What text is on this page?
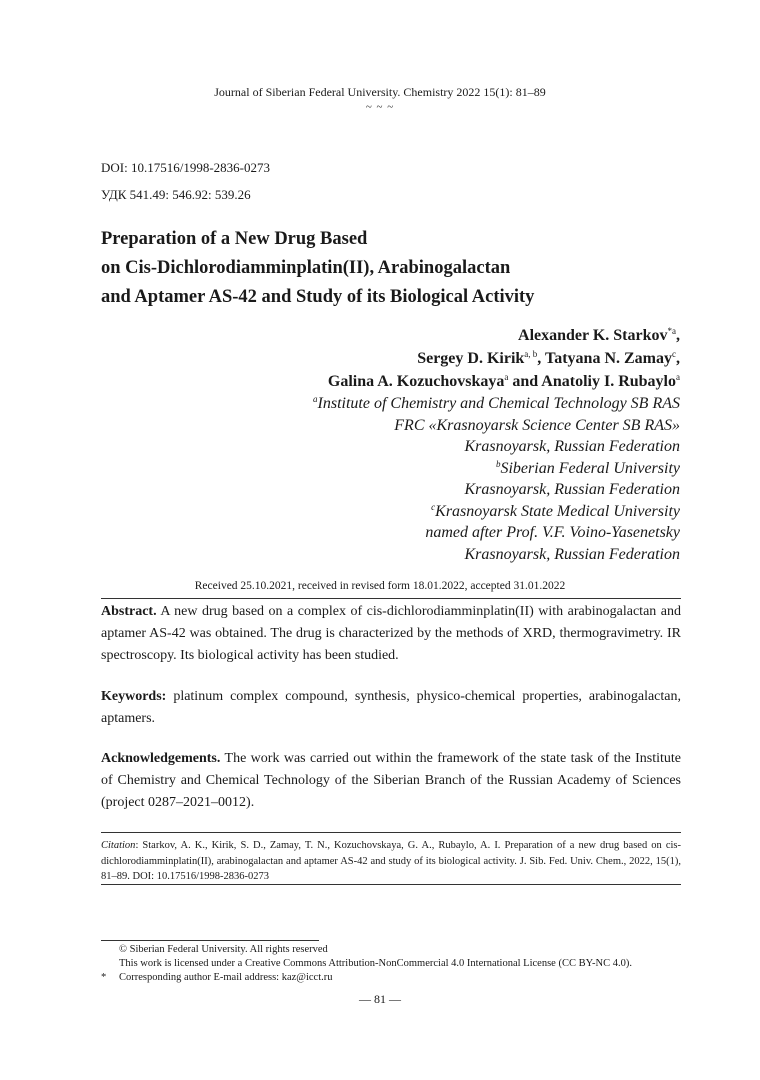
Journal of Siberian Federal University. Chemistry 2022 15(1): 81–89
~ ~ ~
DOI: 10.17516/1998-2836-0273
УДК 541.49: 546.92: 539.26
Preparation of a New Drug Based
on Cis-Dichlorodiamminplatin(II), Arabinogalactan
and Aptamer AS-42 and Study of its Biological Activity
Alexander K. Starkov$^{*a}$,
Sergey D. Kirik$^{a, b}$, Tatyana N. Zamay$^c$,
Galina A. Kozuchovskaya$^a$ and Anatoliy I. Rubaylo$^a$
$^a$Institute of Chemistry and Chemical Technology SB RAS
FRC «Krasnoyarsk Science Center SB RAS»
Krasnoyarsk, Russian Federation
$^b$Siberian Federal University
Krasnoyarsk, Russian Federation
$^c$Krasnoyarsk State Medical University
named after Prof. V.F. Voino-Yasenetsky
Krasnoyarsk, Russian Federation
Received 25.10.2021, received in revised form 18.01.2022, accepted 31.01.2022
Abstract. A new drug based on a complex of cis-dichlorodiamminplatin(II) with arabinogalactan and aptamer AS-42 was obtained. The drug is characterized by the methods of XRD, thermogravimetry. IR spectroscopy. Its biological activity has been studied.
Keywords: platinum complex compound, synthesis, physico-chemical properties, arabinogalactan, aptamers.
Acknowledgements. The work was carried out within the framework of the state task of the Institute of Chemistry and Chemical Technology of the Siberian Branch of the Russian Academy of Sciences (project 0287–2021–0012).
Citation: Starkov, A. K., Kirik, S. D., Zamay, T. N., Kozuchovskaya, G. A., Rubaylo, A. I. Preparation of a new drug based on cis-dichlorodiamminplatin(II), arabinogalactan and aptamer AS-42 and study of its biological activity. J. Sib. Fed. Univ. Chem., 2022, 15(1), 81–89. DOI: 10.17516/1998-2836-0273
© Siberian Federal University. All rights reserved
This work is licensed under a Creative Commons Attribution-NonCommercial 4.0 International License (CC BY-NC 4.0).
* Corresponding author E-mail address: kaz@icct.ru
— 81 —
